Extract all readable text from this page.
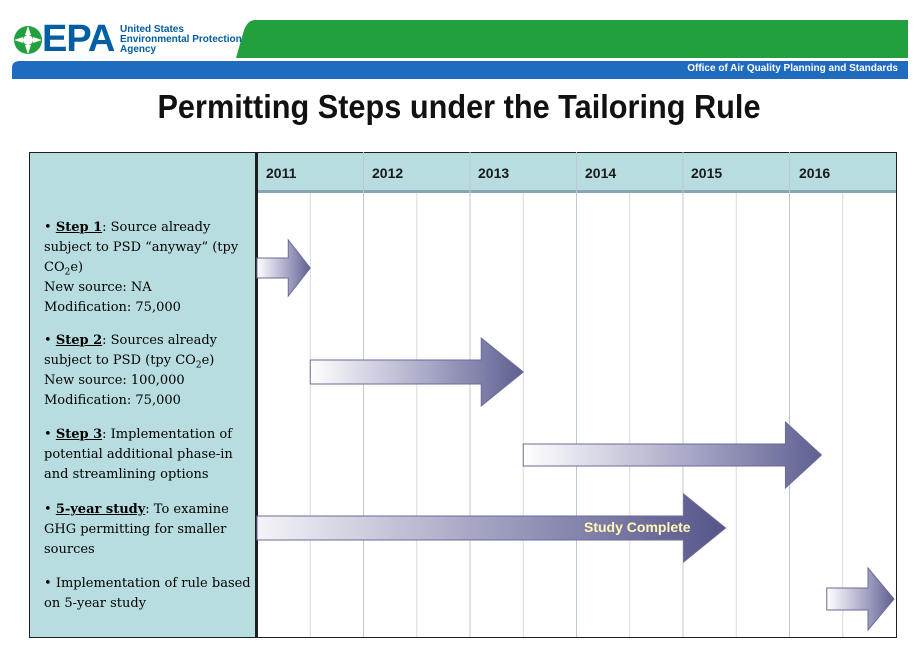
EPA United States
Environmental Protection
Agency
Office of Air Quality Planning and Standards
Permitting Steps under the Tailoring Rule
• Step 1: Source already subject to PSD “anyway” (tpy $CO_2e$)
New source: NA
Modification: 75,000
• Step 2: Sources already subject to PSD (tpy $CO_2e$)
New source: 100,000
Modification: 75,000
• Step 3: Implementation of potential additional phase-in and streamlining options
• 5-year study: To examine GHG permitting for smaller sources
• Implementation of rule based on 5-year study
2011	2012	2013	2014	2015	2016
Study Complete
